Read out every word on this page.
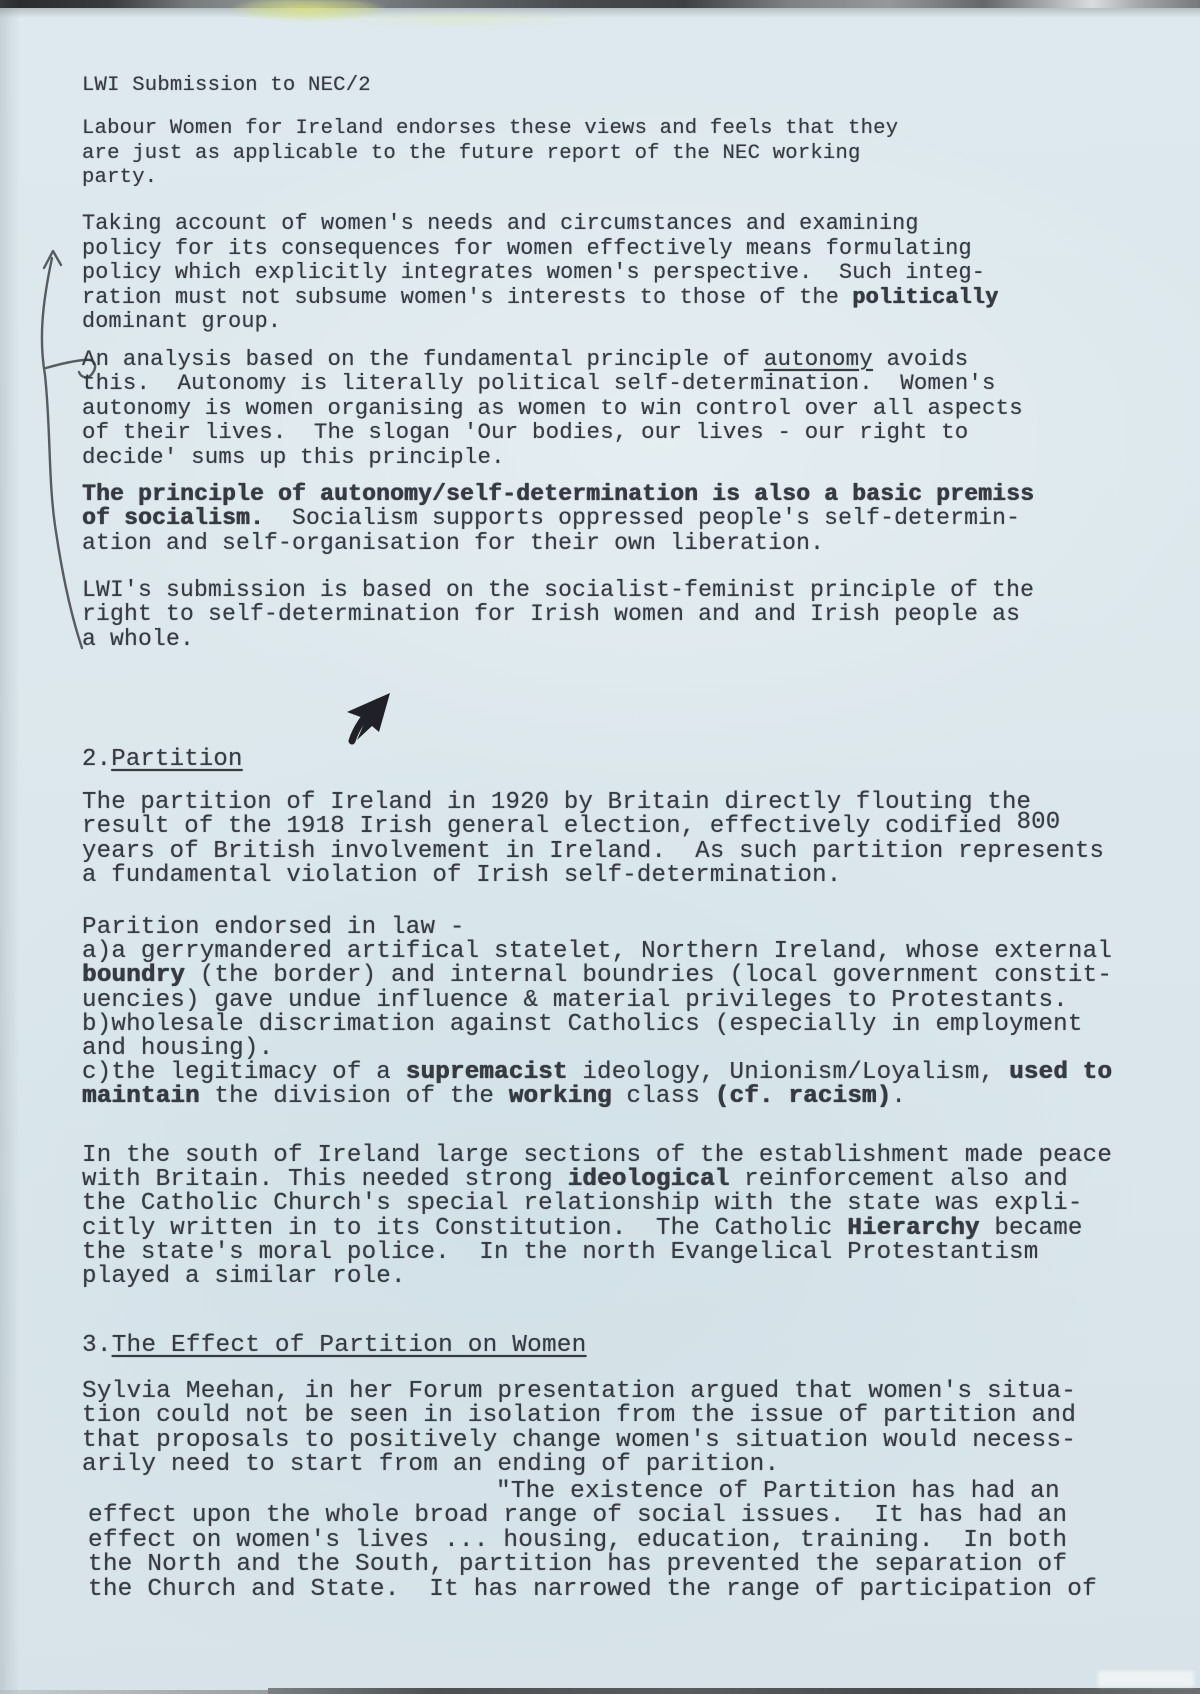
LWI Submission to NEC/2
Labour Women for Ireland endorses these views and feels that they
are just as applicable to the future report of the NEC working
party.
Taking account of women's needs and circumstances and examining
policy for its consequences for women effectively means formulating
policy which explicitly integrates women's perspective.  Such integ-
ration must not subsume women's interests to those of the politically
dominant group.
An analysis based on the fundamental principle of autonomy avoids
this.  Autonomy is literally political self-determination.  Women's
autonomy is women organising as women to win control over all aspects
of their lives.  The slogan 'Our bodies, our lives - our right to
decide' sums up this principle.
The principle of autonomy/self-determination is also a basic premiss
of socialism.  Socialism supports oppressed people's self-determin-
ation and self-organisation for their own liberation.
LWI's submission is based on the socialist-feminist principle of the
right to self-determination for Irish women and and Irish people as
a whole.
2.Partition
The partition of Ireland in 1920 by Britain directly flouting the
result of the 1918 Irish general election, effectively codified 800
years of British involvement in Ireland.  As such partition represents
a fundamental violation of Irish self-determination.
Parition endorsed in law -
a)a gerrymandered artifical statelet, Northern Ireland, whose external
boundry (the border) and internal boundries (local government constit-
uencies) gave undue influence & material privileges to Protestants.
b)wholesale discrimation against Catholics (especially in employment
and housing).
c)the legitimacy of a supremacist ideology, Unionism/Loyalism, used to
maintain the division of the working class (cf. racism).
In the south of Ireland large sections of the establishment made peace
with Britain. This needed strong ideological reinforcement also and
the Catholic Church's special relationship with the state was expli-
citly written in to its Constitution.  The Catholic Hierarchy became
the state's moral police.  In the north Evangelical Protestantism
played a similar role.
3.The Effect of Partition on Women
Sylvia Meehan, in her Forum presentation argued that women's situa-
tion could not be seen in isolation from the issue of partition and
that proposals to positively change women's situation would necess-
arily need to start from an ending of parition.
"The existence of Partition has had an
effect upon the whole broad range of social issues.  It has had an
effect on women's lives ... housing, education, training.  In both
the North and the South, partition has prevented the separation of
the Church and State.  It has narrowed the range of participation of
